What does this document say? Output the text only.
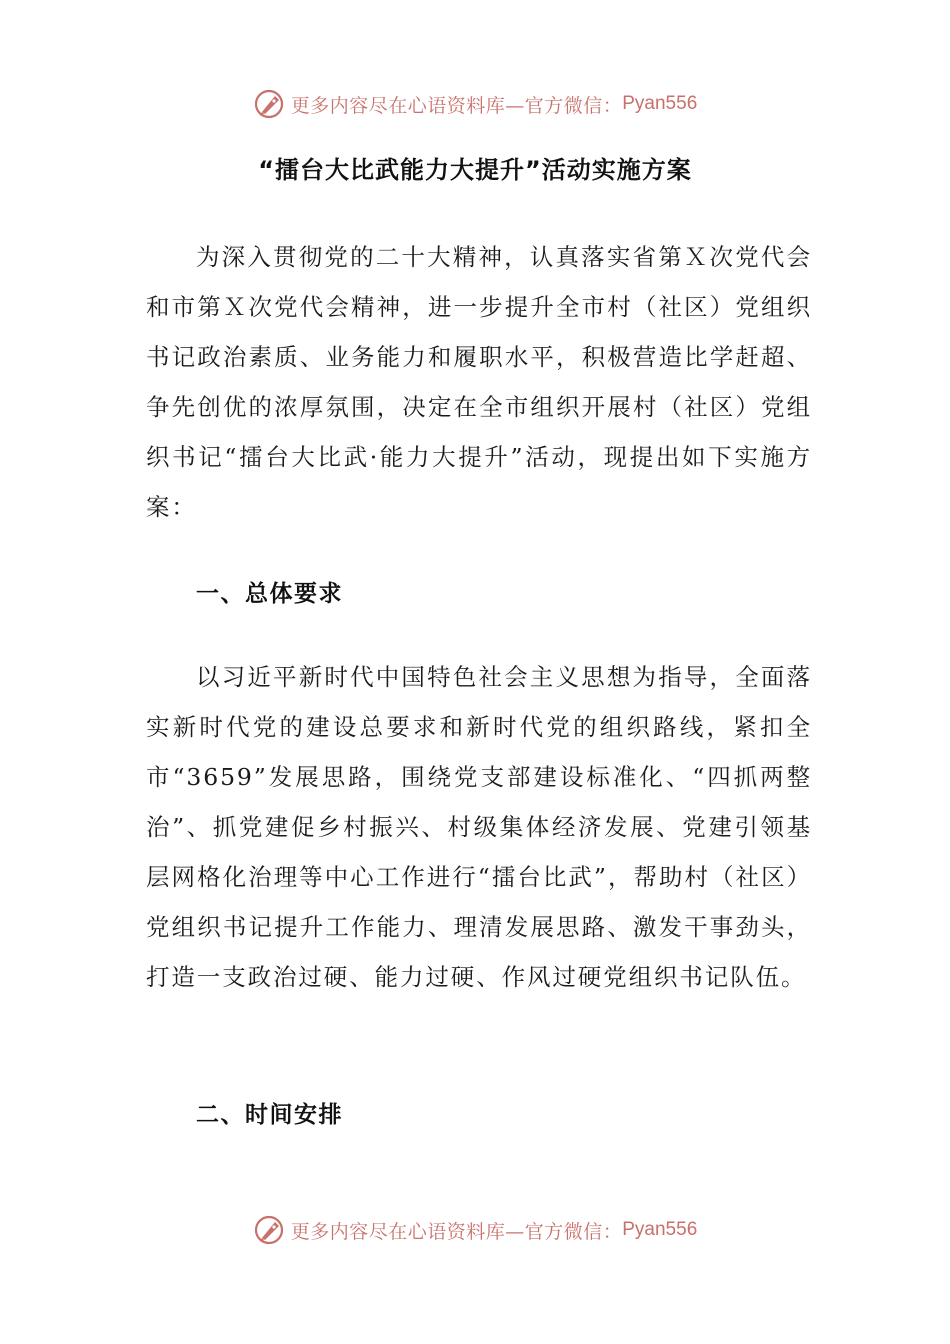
更多内容尽在心语资料库—官方微信： Pyan556
“擂台大比武能力大提升”活动实施方案

为深入贯彻党的二十大精神，认真落实省第Ｘ次党代会和市第Ｘ次党代会精神，进一步提升全市村（社区）党组织书记政治素质、业务能力和履职水平，积极营造比学赶超、争先创优的浓厚氛围，决定在全市组织开展村（社区）党组织书记“擂台大比武·能力大提升”活动，现提出如下实施方案：

一、总体要求

以习近平新时代中国特色社会主义思想为指导，全面落实新时代党的建设总要求和新时代党的组织路线，紧扣全市“3659”发展思路，围绕党支部建设标准化、“四抓两整治”、抓党建促乡村振兴、村级集体经济发展、党建引领基层网格化治理等中心工作进行“擂台比武”，帮助村（社区）党组织书记提升工作能力、理清发展思路、激发干事劲头，打造一支政治过硬、能力过硬、作风过硬党组织书记队伍。

二、时间安排
更多内容尽在心语资料库—官方微信： Pyan556
